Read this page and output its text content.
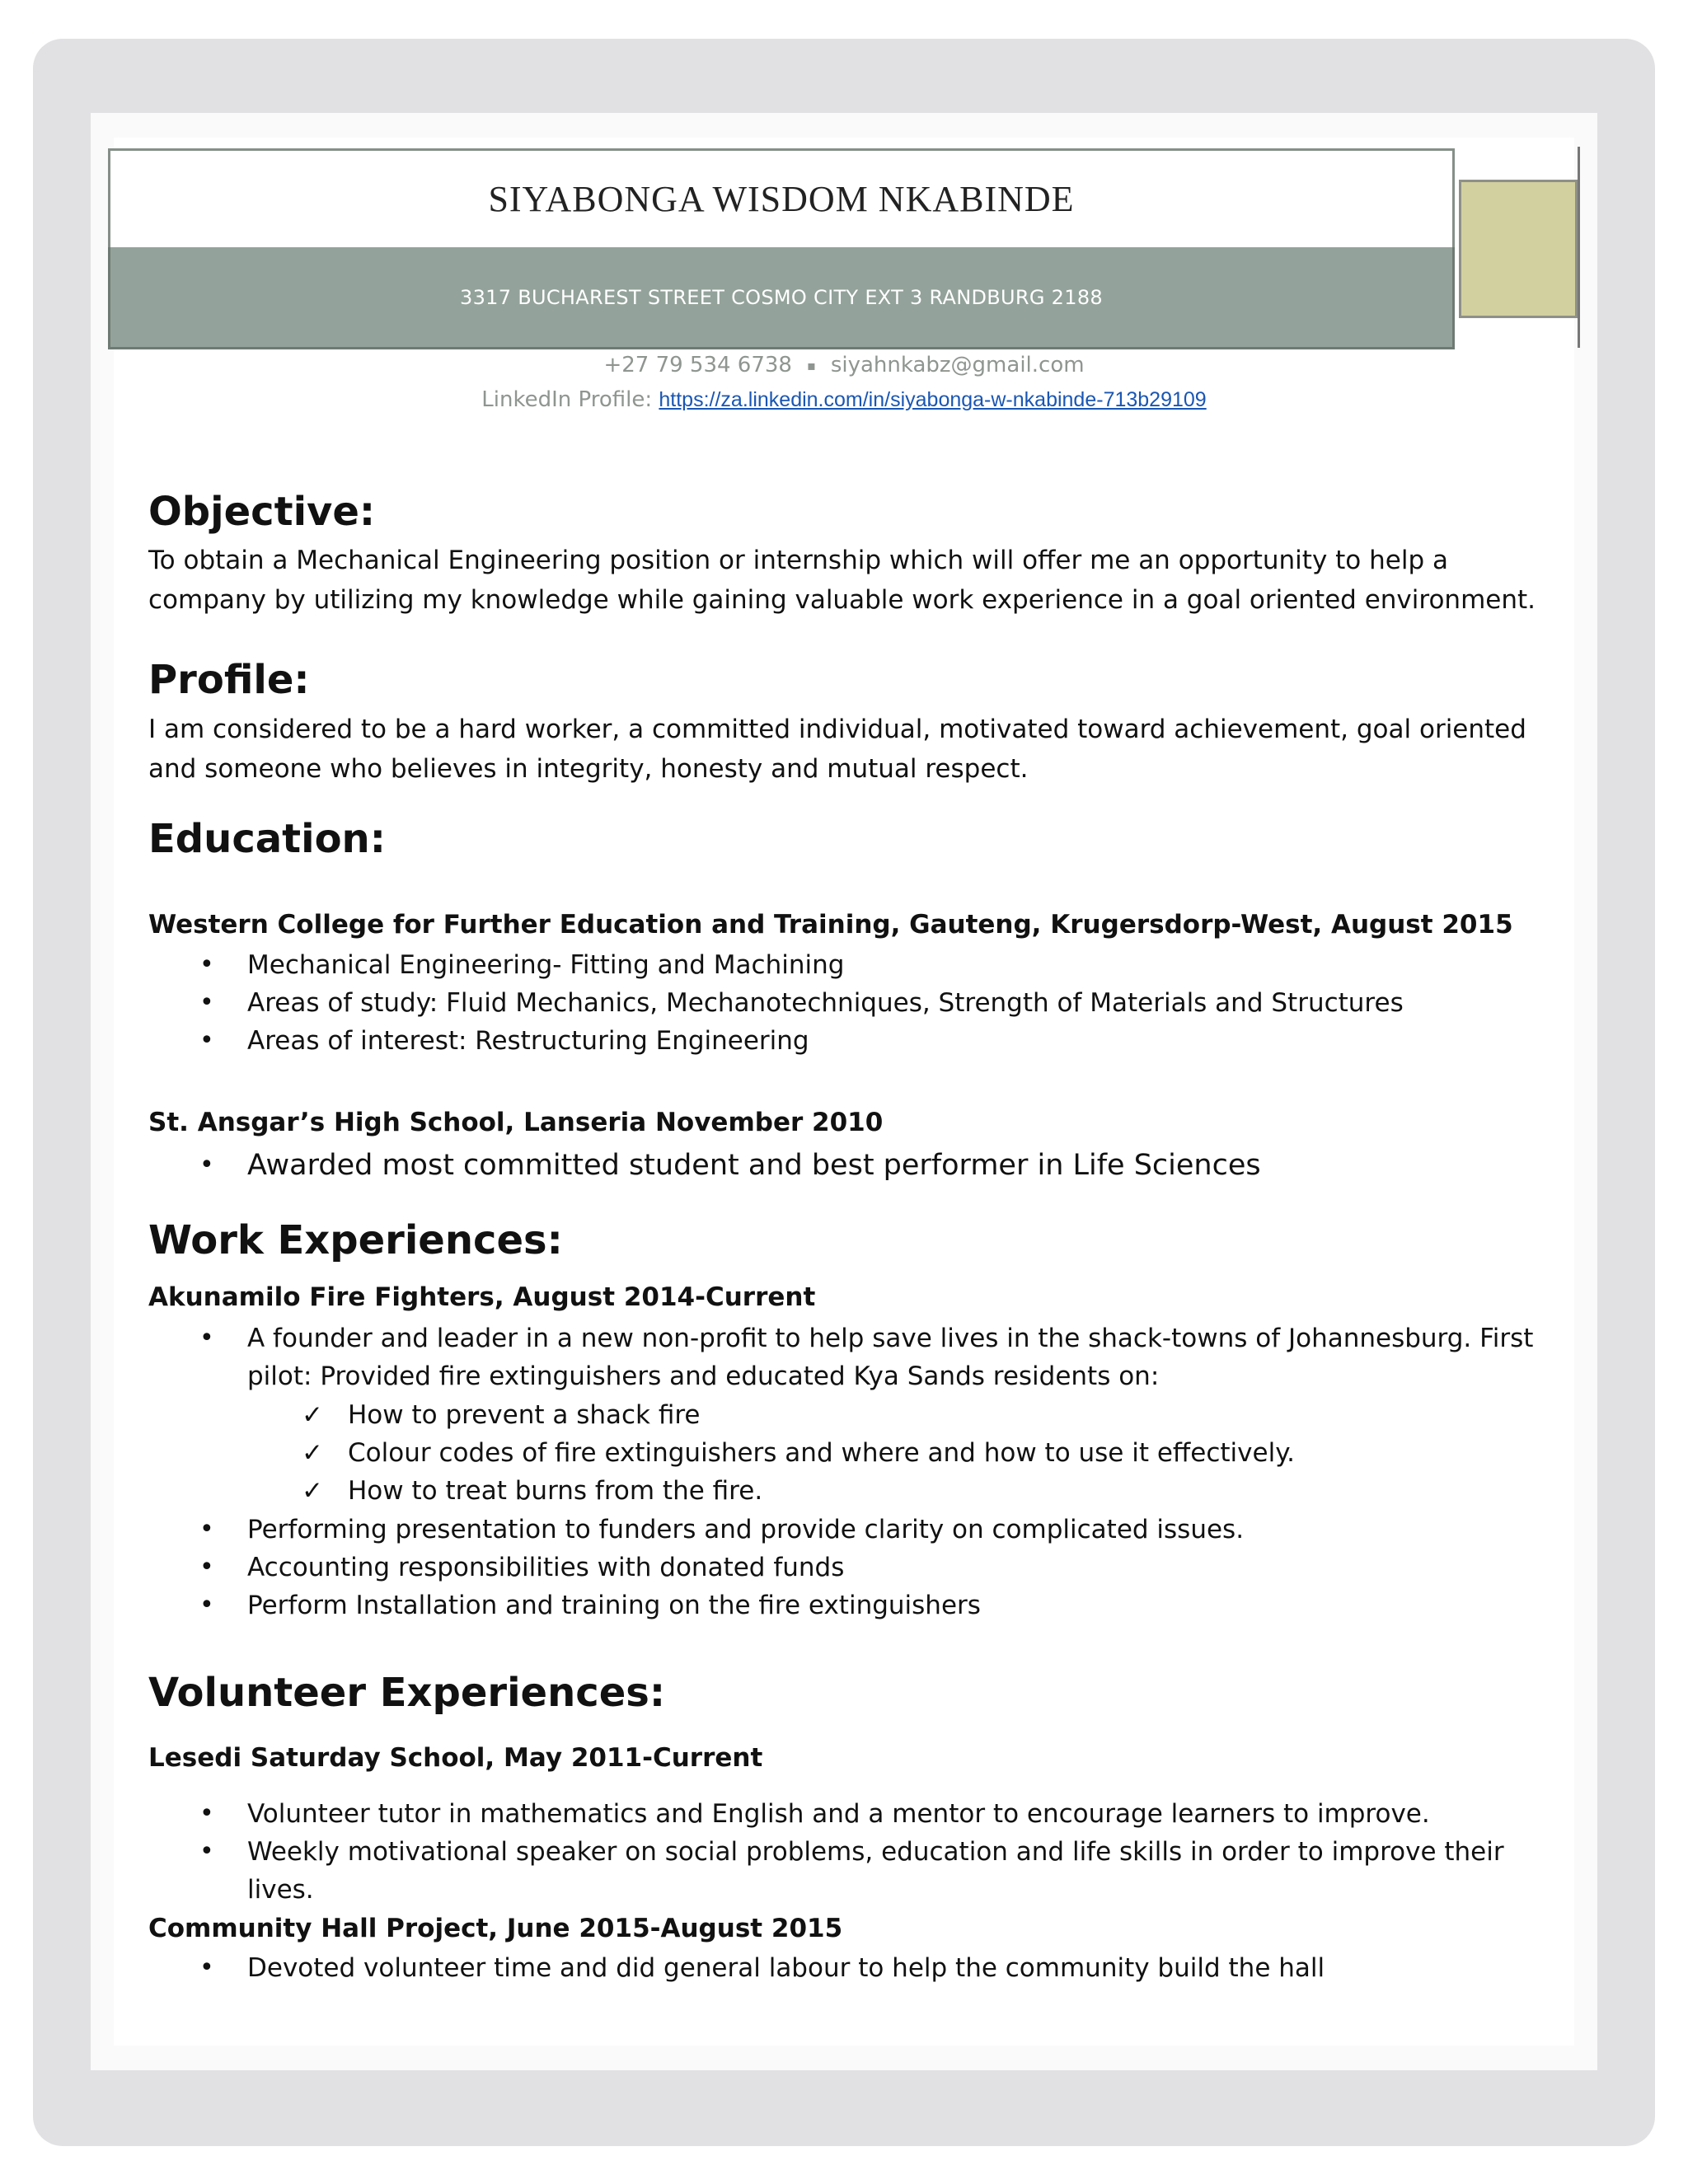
SIYABONGA WISDOM NKABINDE
3317 BUCHAREST STREET COSMO CITY EXT 3 RANDBURG 2188
+27 79 534 6738 ▪ siyahnkabz@gmail.com
LinkedIn Profile: https://za.linkedin.com/in/siyabonga-w-nkabinde-713b29109
Objective:

To obtain a Mechanical Engineering position or internship which will offer me an opportunity to help a company by utilizing my knowledge while gaining valuable work experience in a goal oriented environment.

Profile:

I am considered to be a hard worker, a committed individual, motivated toward achievement, goal oriented and someone who believes in integrity, honesty and mutual respect.

Education:
Western College for Further Education and Training, Gauteng, Krugersdorp-West, August 2015
• Mechanical Engineering- Fitting and Machining
• Areas of study: Fluid Mechanics, Mechanotechniques, Strength of Materials and Structures
• Areas of interest: Restructuring Engineering
St. Ansgar’s High School, Lanseria November 2010
• Awarded most committed student and best performer in Life Sciences
Work Experiences:
Akunamilo Fire Fighters, August 2014-Current
• A founder and leader in a new non-profit to help save lives in the shack-towns of Johannesburg. First pilot: Provided fire extinguishers and educated Kya Sands residents on:
✓ How to prevent a shack fire
✓ Colour codes of fire extinguishers and where and how to use it effectively.
✓ How to treat burns from the fire.
• Performing presentation to funders and provide clarity on complicated issues.
• Accounting responsibilities with donated funds
• Perform Installation and training on the fire extinguishers
Volunteer Experiences:
Lesedi Saturday School, May 2011-Current
• Volunteer tutor in mathematics and English and a mentor to encourage learners to improve.
• Weekly motivational speaker on social problems, education and life skills in order to improve their lives.
Community Hall Project, June 2015-August 2015
• Devoted volunteer time and did general labour to help the community build the hall
